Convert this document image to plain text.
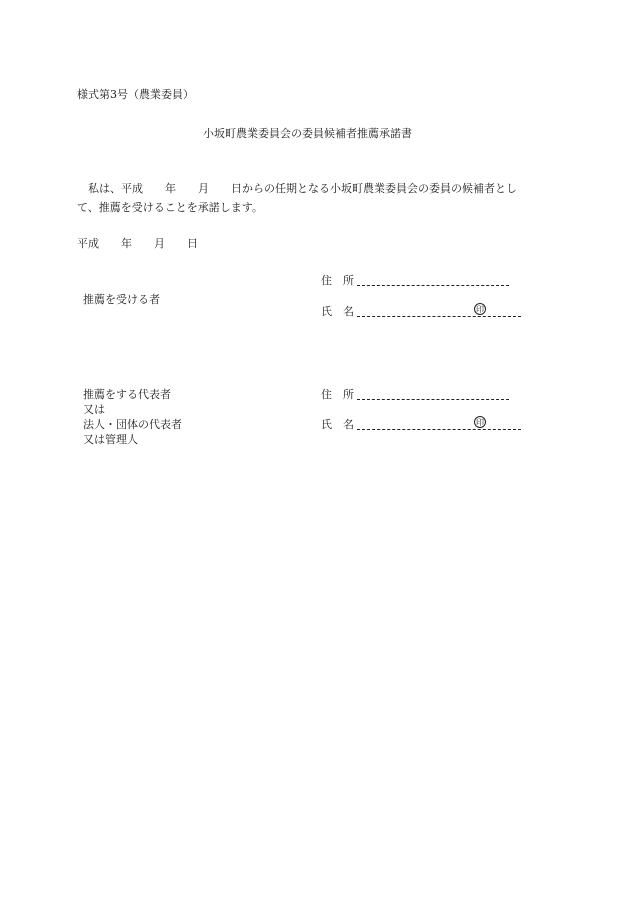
様式第3号（農業委員）
小坂町農業委員会の委員候補者推薦承諾書
私は、平成　　年　　月　　日からの任期となる小坂町農業委員会の委員の候補者とし
て、推薦を受けることを承諾します。
平成　　年　　月　　日
住　所
推薦を受ける者
氏　名	印
推薦をする代表者
又は
法人・団体の代表者
又は管理人
住　所
氏　名	印
